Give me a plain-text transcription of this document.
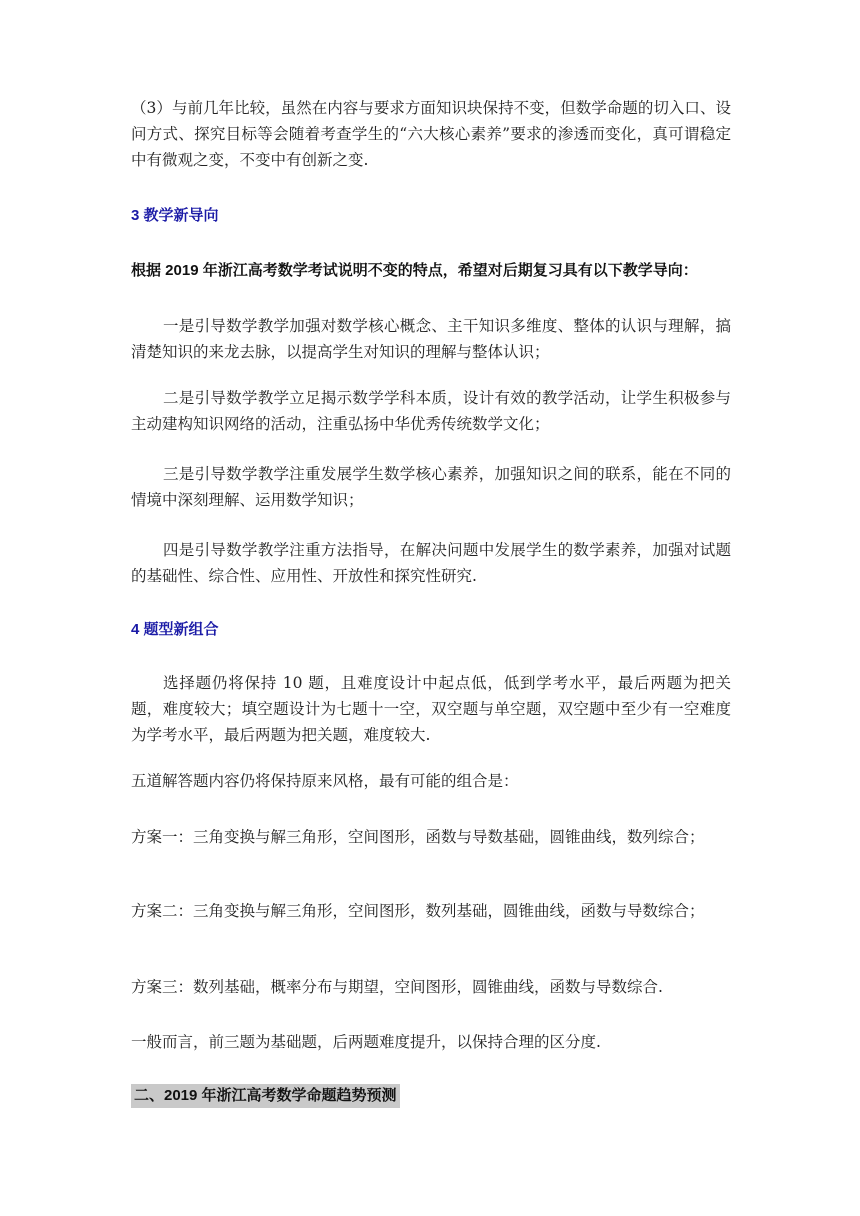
（3）与前几年比较，虽然在内容与要求方面知识块保持不变，但数学命题的切入口、设问方式、探究目标等会随着考查学生的“六大核心素养”要求的渗透而变化，真可谓稳定中有微观之变，不变中有创新之变.
3 教学新导向
根据 2019 年浙江高考数学考试说明不变的特点，希望对后期复习具有以下教学导向：
一是引导数学教学加强对数学核心概念、主干知识多维度、整体的认识与理解，搞清楚知识的来龙去脉，以提高学生对知识的理解与整体认识；
二是引导数学教学立足揭示数学学科本质，设计有效的教学活动，让学生积极参与主动建构知识网络的活动，注重弘扬中华优秀传统数学文化；
三是引导数学教学注重发展学生数学核心素养，加强知识之间的联系，能在不同的情境中深刻理解、运用数学知识；
四是引导数学教学注重方法指导，在解决问题中发展学生的数学素养，加强对试题的基础性、综合性、应用性、开放性和探究性研究.
4 题型新组合
选择题仍将保持 10 题，且难度设计中起点低，低到学考水平，最后两题为把关题，难度较大；填空题设计为七题十一空，双空题与单空题，双空题中至少有一空难度为学考水平，最后两题为把关题，难度较大.
五道解答题内容仍将保持原来风格，最有可能的组合是：
方案一：三角变换与解三角形，空间图形，函数与导数基础，圆锥曲线，数列综合；
方案二：三角变换与解三角形，空间图形，数列基础，圆锥曲线，函数与导数综合；
方案三：数列基础，概率分布与期望，空间图形，圆锥曲线，函数与导数综合.
一般而言，前三题为基础题，后两题难度提升，以保持合理的区分度.
二、2019 年浙江高考数学命题趋势预测
